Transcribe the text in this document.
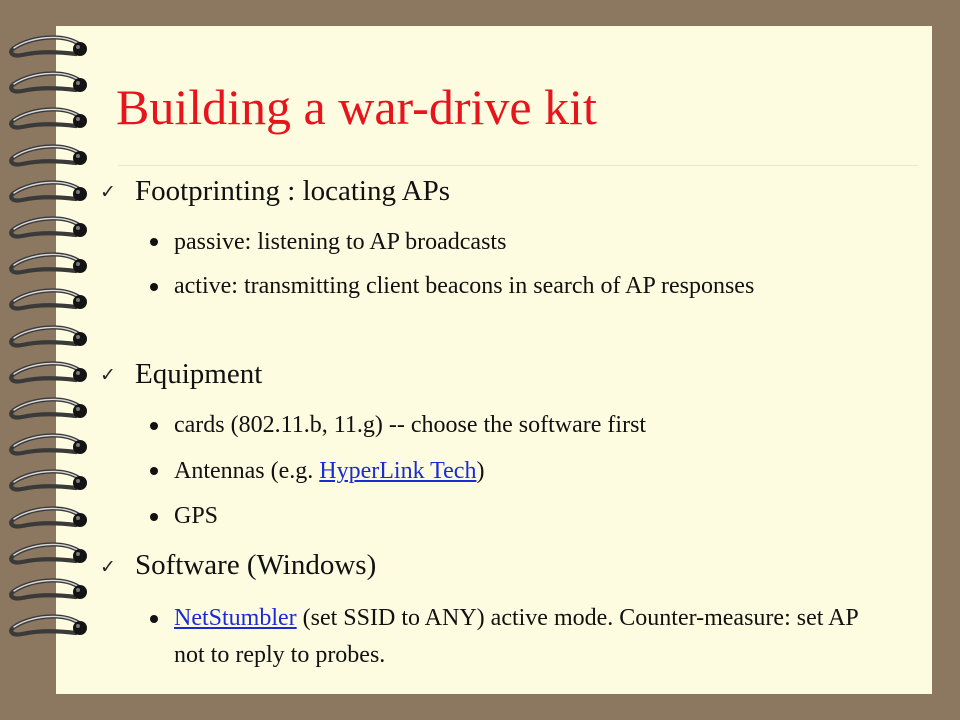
Building a war-drive kit
✓ Footprinting : locating APs
passive: listening to AP broadcasts
active: transmitting client beacons in search of AP responses
✓ Equipment
cards (802.11.b, 11.g) -- choose the software first
Antennas (e.g. HyperLink Tech)
GPS
✓ Software (Windows)
NetStumbler (set SSID to ANY) active mode. Counter-measure: set AP not to reply to probes.
